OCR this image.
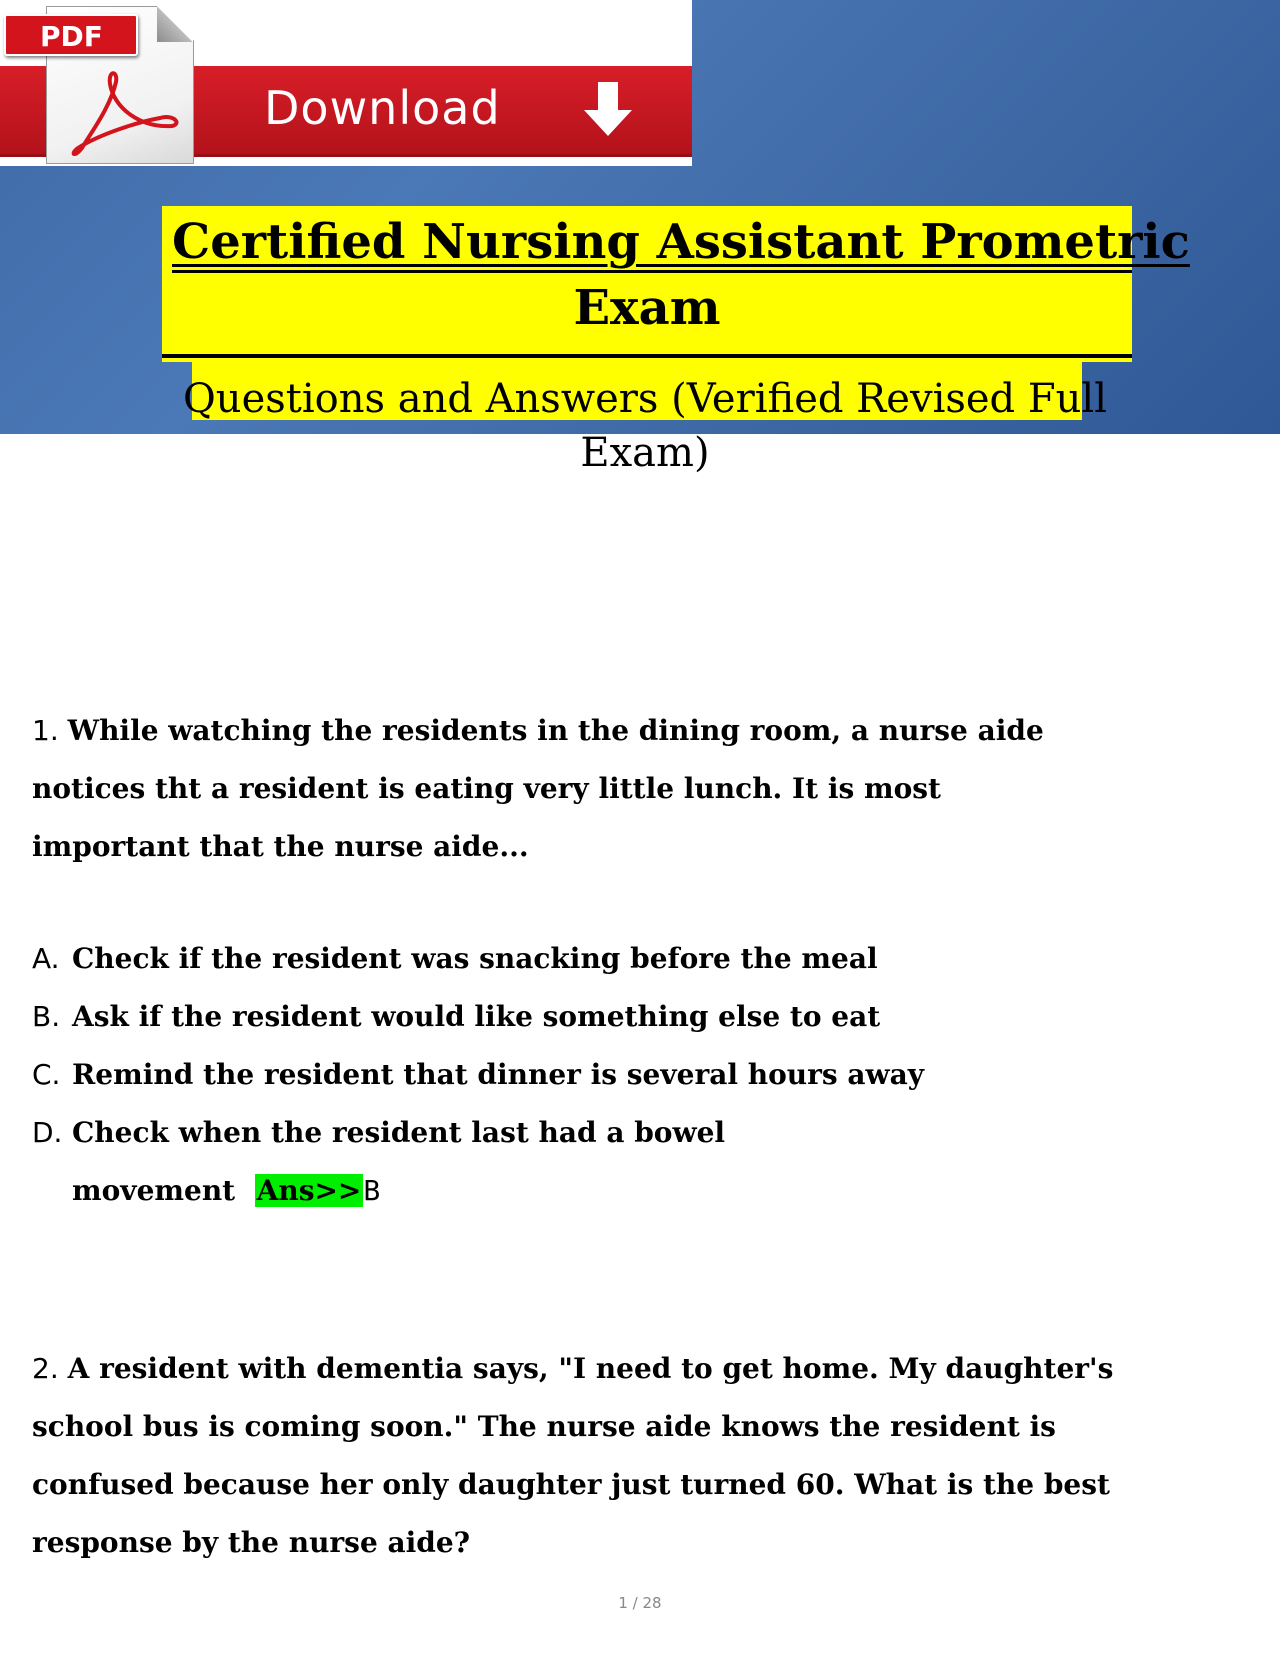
PDF
Download
Certified Nursing Assistant Prometric
Exam

Questions and Answers (Verified Revised Full
Exam)

1. While watching the residents in the dining room, a nurse aide
notices tht a resident is eating very little lunch. It is most
important that the nurse aide...

A. Check if the resident was snacking before the meal
B. Ask if the resident would like something else to eat
C. Remind the resident that dinner is several hours away
D. Check when the resident last had a bowel
movement Ans>>B

2. A resident with dementia says, "I need to get home. My daughter's
school bus is coming soon." The nurse aide knows the resident is
confused because her only daughter just turned 60. What is the best
response by the nurse aide?

1 / 28
